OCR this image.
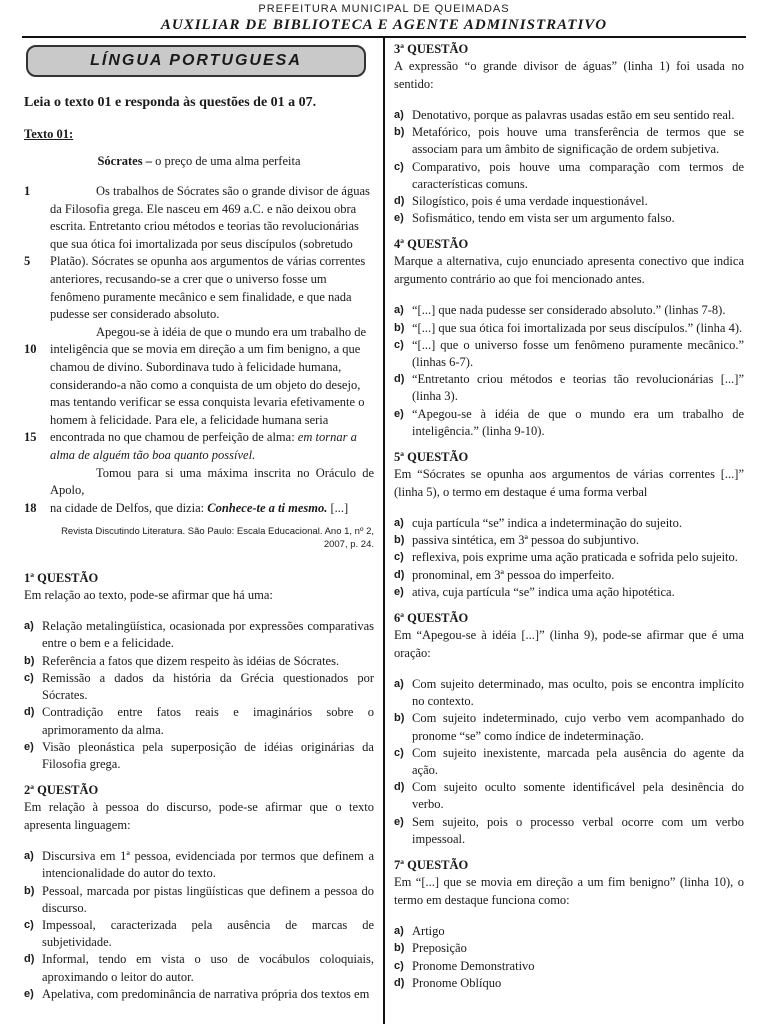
PREFEITURA MUNICIPAL DE QUEIMADAS
AUXILIAR DE BIBLIOTECA E AGENTE ADMINISTRATIVO
LÍNGUA PORTUGUESA
Leia o texto 01 e responda às questões de 01 a 07.
Texto 01:
Sócrates – o preço de uma alma perfeita
1	Os trabalhos de Sócrates são o grande divisor de águas
da Filosofia grega. Ele nasceu em 469 a.C. e não deixou obra
escrita. Entretanto criou métodos e teorias tão revolucionárias
que sua ótica foi imortalizada por seus discípulos (sobretudo
5 Platão). Sócrates se opunha aos argumentos de várias correntes
anteriores, recusando-se a crer que o universo fosse um
fenômeno puramente mecânico e sem finalidade, e que nada
pudesse ser considerado absoluto.
Apegou-se à idéia de que o mundo era um trabalho de
10 inteligência que se movia em direção a um fim benigno, a que
chamou de divino. Subordinava tudo à felicidade humana,
considerando-a não como a conquista de um objeto do desejo,
mas tentando verificar se essa conquista levaria efetivamente o
homem à felicidade. Para ele, a felicidade humana seria
15 encontrada no que chamou de perfeição de alma: em tornar a
alma de alguém tão boa quanto possível.
Tomou para si uma máxima inscrita no Oráculo de Apolo,
18 na cidade de Delfos, que dizia: Conhece-te a ti mesmo. [...]
Revista Discutindo Literatura. São Paulo: Escala Educacional. Ano 1, nº 2, 2007, p. 24.
1ª QUESTÃO
Em relação ao texto, pode-se afirmar que há uma:
a) Relação metalingüística, ocasionada por expressões comparativas entre o bem e a felicidade.
b) Referência a fatos que dizem respeito às idéias de Sócrates.
c) Remissão a dados da história da Grécia questionados por Sócrates.
d) Contradição entre fatos reais e imaginários sobre o aprimoramento da alma.
e) Visão pleonástica pela superposição de idéias originárias da Filosofia grega.
2ª QUESTÃO
Em relação à pessoa do discurso, pode-se afirmar que o texto apresenta linguagem:
a) Discursiva em 1ª pessoa, evidenciada por termos que definem a intencionalidade do autor do texto.
b) Pessoal, marcada por pistas lingüísticas que definem a pessoa do discurso.
c) Impessoal, caracterizada pela ausência de marcas de subjetividade.
d) Informal, tendo em vista o uso de vocábulos coloquiais, aproximando o leitor do autor.
e) Apelativa, com predominância de narrativa própria dos textos em
3ª QUESTÃO
A expressão “o grande divisor de águas” (linha 1) foi usada no sentido:
a) Denotativo, porque as palavras usadas estão em seu sentido real.
b) Metafórico, pois houve uma transferência de termos que se associam para um âmbito de significação de ordem subjetiva.
c) Comparativo, pois houve uma comparação com termos de características comuns.
d) Silogístico, pois é uma verdade inquestionável.
e) Sofismático, tendo em vista ser um argumento falso.
4ª QUESTÃO
Marque a alternativa, cujo enunciado apresenta conectivo que indica argumento contrário ao que foi mencionado antes.
a) “[...] que nada pudesse ser considerado absoluto.” (linhas 7-8).
b) “[...] que sua ótica foi imortalizada por seus discípulos.” (linha 4).
c) “[...] que o universo fosse um fenômeno puramente mecânico.” (linhas 6-7).
d) “Entretanto criou métodos e teorias tão revolucionárias [...]” (linha 3).
e) “Apegou-se à idéia de que o mundo era um trabalho de inteligência.” (linha 9-10).
5ª QUESTÃO
Em “Sócrates se opunha aos argumentos de várias correntes [...]” (linha 5), o termo em destaque é uma forma verbal
a) cuja partícula “se” indica a indeterminação do sujeito.
b) passiva sintética, em 3ª pessoa do subjuntivo.
c) reflexiva, pois exprime uma ação praticada e sofrida pelo sujeito.
d) pronominal, em 3ª pessoa do imperfeito.
e) ativa, cuja partícula “se” indica uma ação hipotética.
6ª QUESTÃO
Em “Apegou-se à idéia [...]” (linha 9), pode-se afirmar que é uma oração:
a) Com sujeito determinado, mas oculto, pois se encontra implícito no contexto.
b) Com sujeito indeterminado, cujo verbo vem acompanhado do pronome “se” como índice de indeterminação.
c) Com sujeito inexistente, marcada pela ausência do agente da ação.
d) Com sujeito oculto somente identificável pela desinência do verbo.
e) Sem sujeito, pois o processo verbal ocorre com um verbo impessoal.
7ª QUESTÃO
Em “[...] que se movia em direção a um fim benigno” (linha 10), o termo em destaque funciona como:
a) Artigo
b) Preposição
c) Pronome Demonstrativo
d) Pronome Oblíquo
